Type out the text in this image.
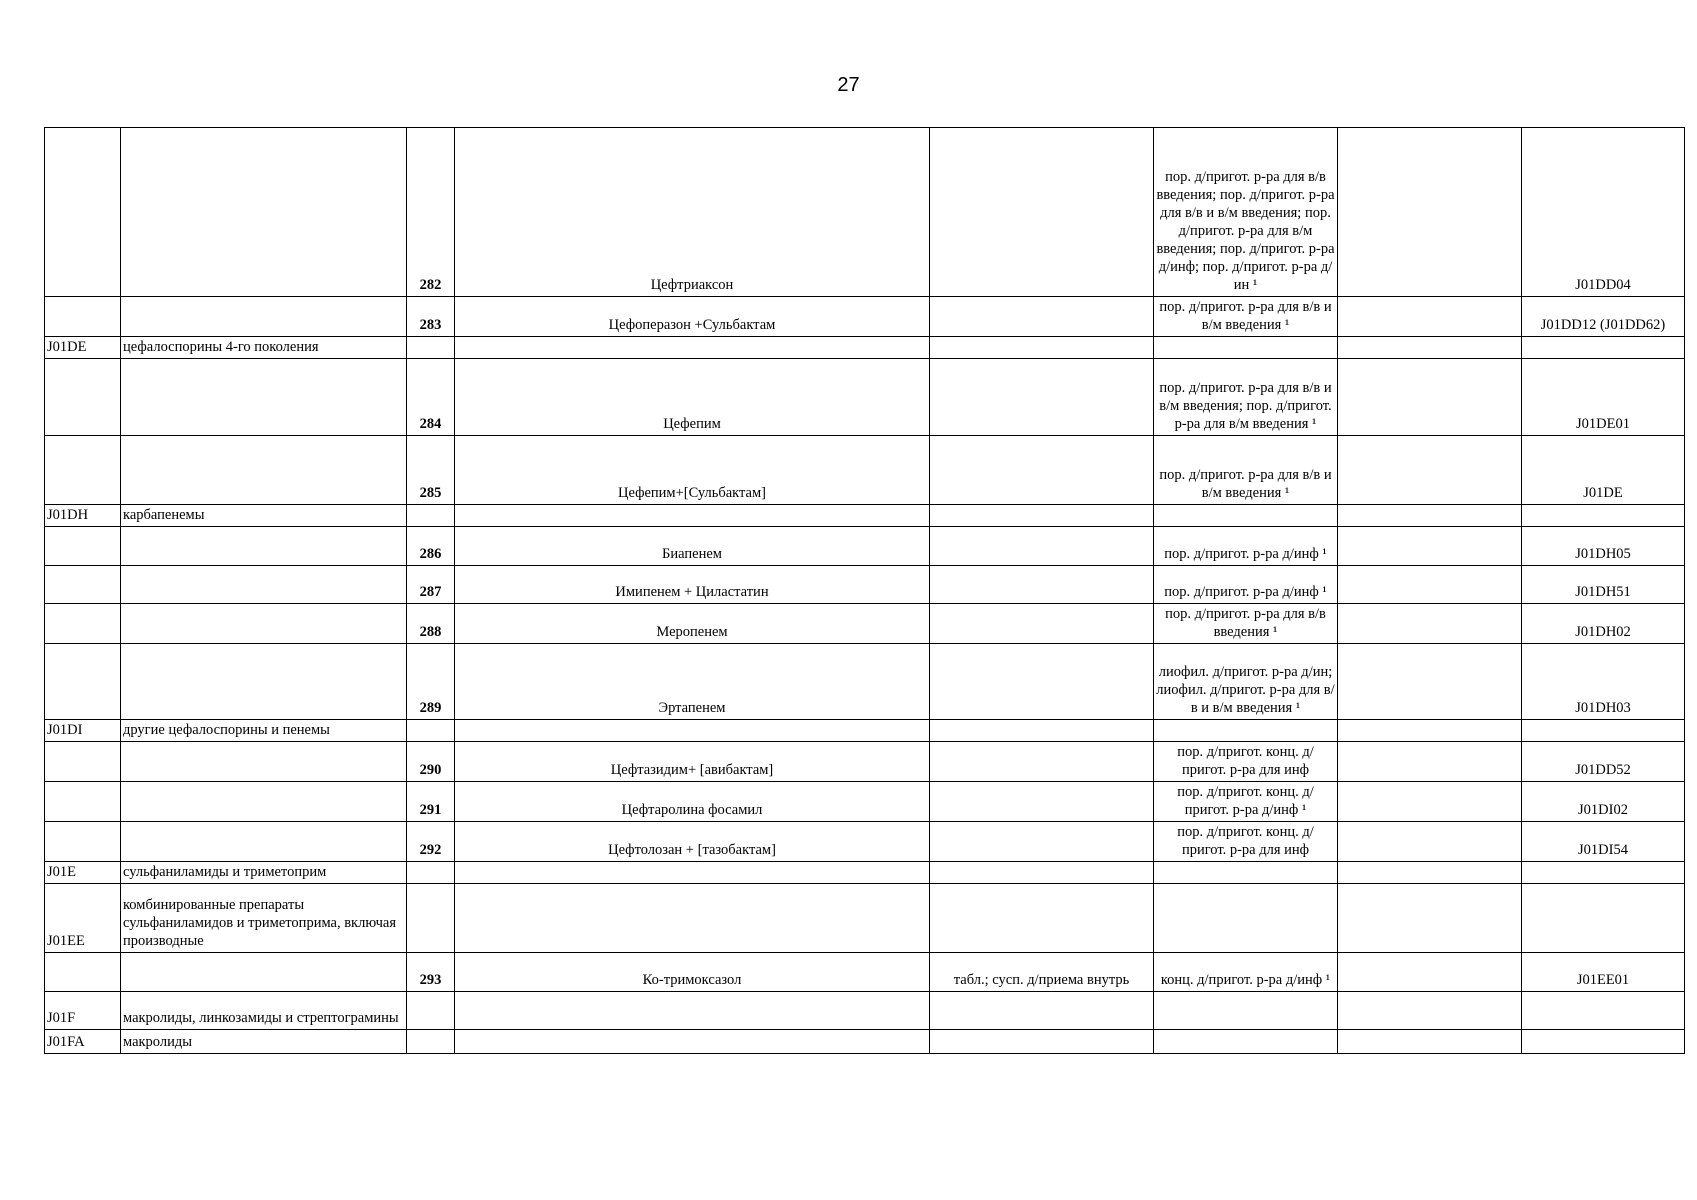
27
		282	Цефтриаксон		пор. д/пригот. р-ра для в/в введения; пор. д/пригот. р-ра для в/в и в/м введения; пор. д/пригот. р-ра для в/м введения; пор. д/пригот. р-ра д/инф; пор. д/пригот. р-ра д/ин ¹		J01DD04
		283	Цефоперазон +Сульбактам		пор. д/пригот. р-ра для в/в и в/м введения ¹		J01DD12 (J01DD62)
J01DE	цефалоспорины 4-го поколения						
		284	Цефепим		пор. д/пригот. р-ра для в/в и в/м введения; пор. д/пригот. р-ра для в/м введения ¹		J01DE01
		285	Цефепим+[Сульбактам]		пор. д/пригот. р-ра для в/в и в/м введения ¹		J01DE
J01DH	карбапенемы						
		286	Биапенем		пор. д/пригот. р-ра д/инф ¹		J01DH05
		287	Имипенем + Циластатин		пор. д/пригот. р-ра д/инф ¹		J01DH51
		288	Меропенем		пор. д/пригот. р-ра для в/в введения ¹		J01DH02
		289	Эртапенем		лиофил. д/пригот. р-ра д/ин; лиофил. д/пригот. р-ра для в/в и в/м введения ¹		J01DH03
J01DI	другие цефалоспорины и пенемы						
		290	Цефтазидим+ [авибактам]		пор. д/пригот. конц. д/пригот. р-ра для инф		J01DD52
		291	Цефтаролина фосамил		пор. д/пригот. конц. д/пригот. р-ра д/инф ¹		J01DI02
		292	Цефтолозан + [тазобактам]		пор. д/пригот. конц. д/пригот. р-ра для инф		J01DI54
J01E	сульфаниламиды и триметоприм						
J01EE	комбинированные препараты сульфаниламидов и триметоприма, включая производные						
		293	Ко-тримоксазол	табл.; сусп. д/приема внутрь	конц. д/пригот. р-ра д/инф ¹		J01EE01
J01F	макролиды, линкозамиды и стрептограмины						
J01FA	макролиды						
